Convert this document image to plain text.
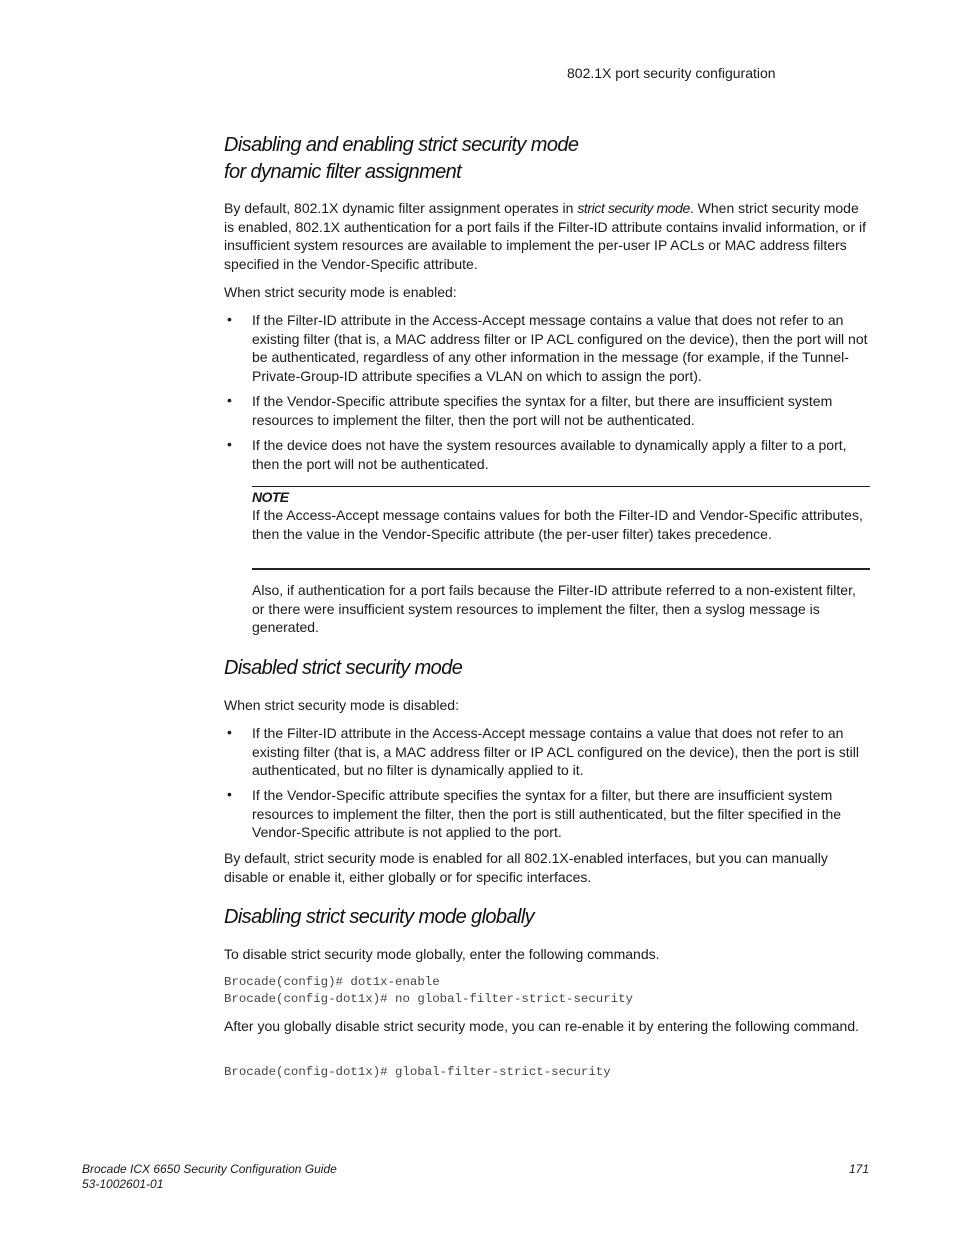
802.1X port security configuration
Disabling and enabling strict security mode
for dynamic filter assignment
By default, 802.1X dynamic filter assignment operates in strict security mode. When strict security mode is enabled, 802.1X authentication for a port fails if the Filter-ID attribute contains invalid information, or if insufficient system resources are available to implement the per-user IP ACLs or MAC address filters specified in the Vendor-Specific attribute.
When strict security mode is enabled:
• If the Filter-ID attribute in the Access-Accept message contains a value that does not refer to an existing filter (that is, a MAC address filter or IP ACL configured on the device), then the port will not be authenticated, regardless of any other information in the message (for example, if the Tunnel-Private-Group-ID attribute specifies a VLAN on which to assign the port).
• If the Vendor-Specific attribute specifies the syntax for a filter, but there are insufficient system resources to implement the filter, then the port will not be authenticated.
• If the device does not have the system resources available to dynamically apply a filter to a port, then the port will not be authenticated.
NOTE
If the Access-Accept message contains values for both the Filter-ID and Vendor-Specific attributes, then the value in the Vendor-Specific attribute (the per-user filter) takes precedence.
Also, if authentication for a port fails because the Filter-ID attribute referred to a non-existent filter, or there were insufficient system resources to implement the filter, then a syslog message is generated.
Disabled strict security mode
When strict security mode is disabled:
• If the Filter-ID attribute in the Access-Accept message contains a value that does not refer to an existing filter (that is, a MAC address filter or IP ACL configured on the device), then the port is still authenticated, but no filter is dynamically applied to it.
• If the Vendor-Specific attribute specifies the syntax for a filter, but there are insufficient system resources to implement the filter, then the port is still authenticated, but the filter specified in the Vendor-Specific attribute is not applied to the port.
By default, strict security mode is enabled for all 802.1X-enabled interfaces, but you can manually disable or enable it, either globally or for specific interfaces.
Disabling strict security mode globally
To disable strict security mode globally, enter the following commands.
Brocade(config)# dot1x-enable
Brocade(config-dot1x)# no global-filter-strict-security
After you globally disable strict security mode, you can re-enable it by entering the following command.
Brocade(config-dot1x)# global-filter-strict-security
Brocade ICX 6650 Security Configuration Guide
53-1002601-01
171
